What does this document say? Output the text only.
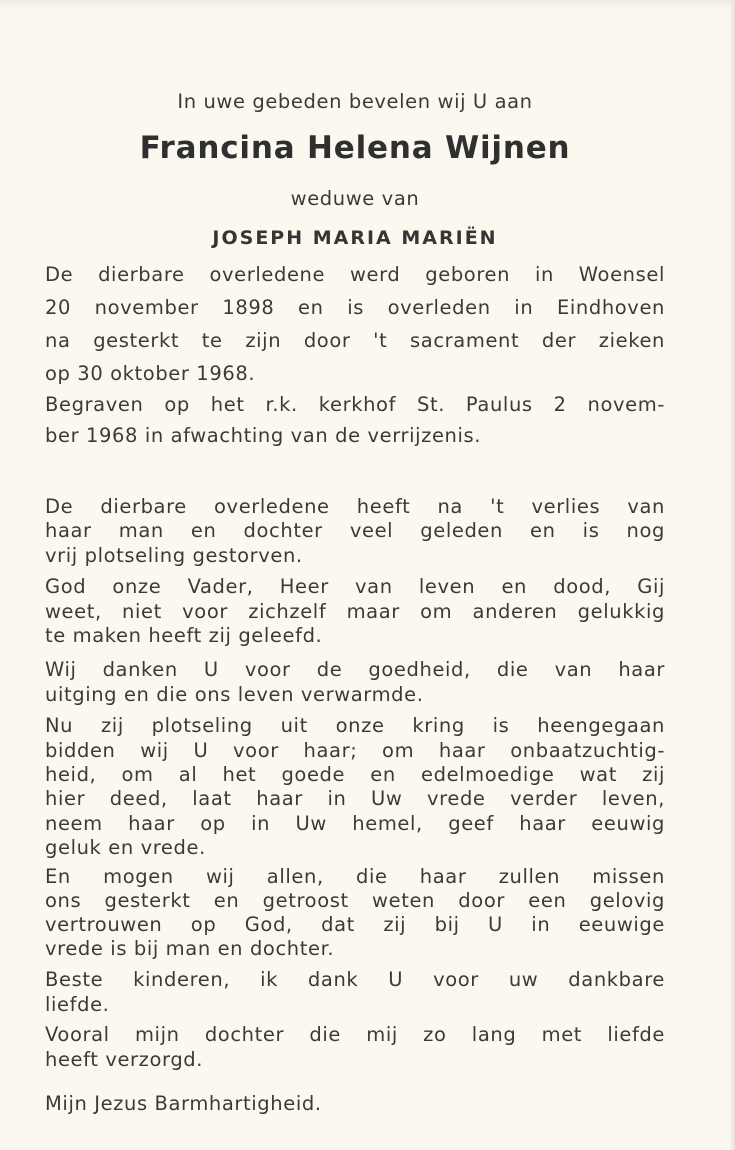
In uwe gebeden bevelen wij U aan

Francina Helena Wijnen

weduwe van

JOSEPH MARIA MARIËN

De dierbare overledene werd geboren in Woensel

20 november 1898 en is overleden in Eindhoven

na gesterkt te zijn door 't sacrament der zieken

op 30 oktober 1968.

Begraven op het r.k. kerkhof St. Paulus 2 novem-

ber 1968 in afwachting van de verrijzenis.

De dierbare overledene heeft na 't verlies van

haar man en dochter veel geleden en is nog

vrij plotseling gestorven.

God onze Vader, Heer van leven en dood, Gij

weet, niet voor zichzelf maar om anderen gelukkig

te maken heeft zij geleefd.

Wij danken U voor de goedheid, die van haar

uitging en die ons leven verwarmde.

Nu zij plotseling uit onze kring is heengegaan

bidden wij U voor haar; om haar onbaatzuchtig-

heid, om al het goede en edelmoedige wat zij

hier deed, laat haar in Uw vrede verder leven,

neem haar op in Uw hemel, geef haar eeuwig

geluk en vrede.

En mogen wij allen, die haar zullen missen

ons gesterkt en getroost weten door een gelovig

vertrouwen op God, dat zij bij U in eeuwige

vrede is bij man en dochter.

Beste kinderen, ik dank U voor uw dankbare

liefde.

Vooral mijn dochter die mij zo lang met liefde

heeft verzorgd.

Mijn Jezus Barmhartigheid.
